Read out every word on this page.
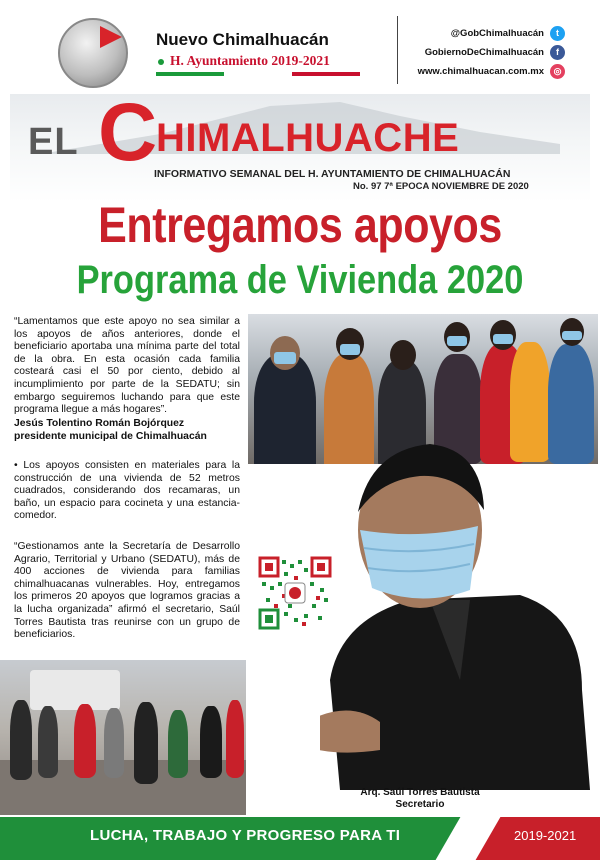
Nuevo Chimalhuacán
H. Ayuntamiento 2019-2021
@GobChimalhuacán	t
GobiernoDeChimalhuacán	f
www.chimalhuacan.com.mx	◎
EL C
HIMALHUACHE
INFORMATIVO SEMANAL DEL H. AYUNTAMIENTO DE CHIMALHUACÁN
No. 97 7ª EPOCA NOVIEMBRE DE 2020
Entregamos apoyos
Programa de Vivienda 2020
“Lamentamos que este apoyo no sea similar a los apoyos de años anteriores, donde el beneficiario aportaba una mínima parte del total de la obra. En esta ocasión cada familia costeará casi el 50 por ciento, debido al incumplimiento por parte de la SEDATU; sin embargo seguiremos luchando para que este programa llegue a más hogares”.
Jesús Tolentino Román Bojórquez
presidente municipal de Chimalhuacán
• Los apoyos consisten en materiales para la construcción de una vivienda de 52 metros cuadrados, considerando dos recamaras, un baño, un espacio para cocineta y una estancia-comedor.
“Gestionamos ante la Secretaría de Desarrollo Agrario, Territorial y Urbano (SEDATU), más de 400 acciones de vivienda para familias chimalhuacanas vulnerables. Hoy, entregamos los primeros 20 apoyos que logramos gracias a la lucha organizada” afirmó el secretario, Saúl Torres Bautista tras reunirse con un grupo de beneficiarios.
Arq. Saúl Torres Bautista
Secretario
LUCHA, TRABAJO Y PROGRESO PARA TI	2019-2021
